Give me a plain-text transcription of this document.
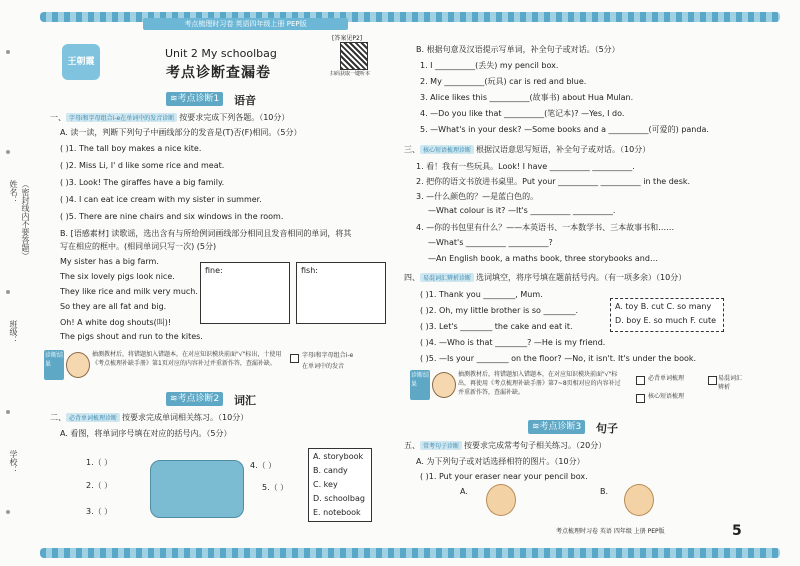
姓名： （密封线内不要答题）
班级：
学校：
考点梳理时习卷 英语四年级上册 PEP版
王朝霞
Unit 2 My schoolbag
考点诊断查漏卷
[答案见P2]
扫码获取一键听本
≋考点诊断1	语音
一、 字母i和字母组合i-e在单词中的发音诊断 按要求完成下列各题。（10分）
A. 读一读，判断下列句子中画线部分的发音是(T)否(F)相同。（5分）
( )1. The tall boy makes a nice kite.
( )2. Miss Li, I' d like some rice and meat.
( )3. Look! The giraffes have a big family.
( )4. I can eat ice cream with my sister in summer.
( )5. There are nine chairs and six windows in the room.
B. [语感素材] 读歌谣，选出含有与所给例词画线部分相同且发音相同的单词，将其
写在相应的框中。(相同单词只写一次) (5分)
My sister has a big farm.
The six lovely pigs look nice.
They like rice and milk very much.
So they are all fat and big.
Oh! A white dog shouts(叫)!
The pigs shout and run to the kites.
fine:	fish:
诊断结果
抽测教材后，将错题加入错题本，在对应知识模块前面"√"标出，十使用《考点梳理补缺手册》第1页对应的内容补过并重新作答，查漏补缺。
字母i和字母组合i-e
在单词中的发音
≋考点诊断2	词汇
二、 必背单词梳理诊断 按要求完成单词相关练习。（10分）
A. 看图，将单词序号填在对应的括号内。（5分）
1.（ ）
2.（ ）
3.（ ）
4.（ ）
5.（ ）
A. storybook
B. candy
C. key
D. schoolbag
E. notebook
B. 根据句意及汉语提示写单词，补全句子或对话。（5分）
1. I __________(丢失) my pencil box.
2. My __________(玩具) car is red and blue.
3. Alice likes this __________(故事书) about Hua Mulan.
4. —Do you like that __________(笔记本)? —Yes, I do.
5. —What's in your desk? —Some books and a __________(可爱的) panda.
三、 核心短语梳理诊断 根据汉语意思写短语，补全句子或对话。（10分）
1. 看！我有一些玩具。Look! I have __________ __________.
2. 把你的语文书放进书桌里。Put your __________ __________ in the desk.
3. —什么颜色的？—是蓝白色的。
—What colour is it? —It's __________ __________.
4. —你的书包里有什么？——本英语书、一本数学书、三本故事书和……
—What's __________ __________?
—An English book, a maths book, three storybooks and…
四、 易混词汇辨析诊断 选词填空，将序号填在题前括号内。（有一项多余）（10分）
( )1. Thank you ________, Mum.
( )2. Oh, my little brother is so ________.
( )3. Let's ________ the cake and eat it.
( )4. —Who is that ________? —He is my friend.
( )5. —Is your ________ on the floor? —No, it isn't. It's under the book.
A. toy B. cut C. so many
D. boy E. so much F. cute
诊断结果
抽测教材后，将错题加入错题本，在对应知识模块前面"√"标出，再使用《考点梳理补缺手册》第7~8页相对应的内容补过并重新作答，查漏补缺。
必背单词梳理
核心短语梳理
易混词汇辨析
≋考点诊断3	句子
五、 常考句子诊断 按要求完成常考句子相关练习。（20分）
A. 为下列句子或对话选择相符的图片。（10分）
( )1. Put your eraser near your pencil box.
A.	B.
考点梳理时习卷 英语 四年级 上册 PEP版	5
